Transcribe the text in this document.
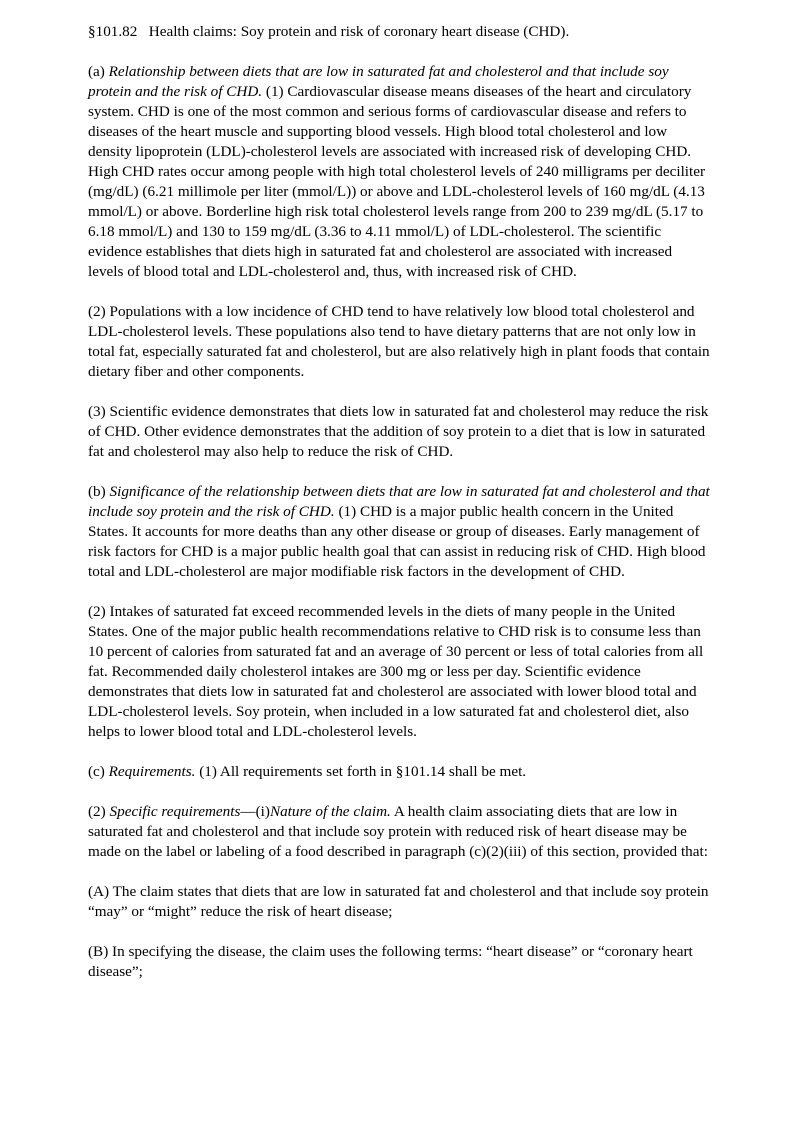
§101.82 Health claims: Soy protein and risk of coronary heart disease (CHD).

(a) Relationship between diets that are low in saturated fat and cholesterol and that include soy protein and the risk of CHD. (1) Cardiovascular disease means diseases of the heart and circulatory system. CHD is one of the most common and serious forms of cardiovascular disease and refers to diseases of the heart muscle and supporting blood vessels. High blood total cholesterol and low density lipoprotein (LDL)-cholesterol levels are associated with increased risk of developing CHD. High CHD rates occur among people with high total cholesterol levels of 240 milligrams per deciliter (mg/dL) (6.21 millimole per liter (mmol/L)) or above and LDL-cholesterol levels of 160 mg/dL (4.13 mmol/L) or above. Borderline high risk total cholesterol levels range from 200 to 239 mg/dL (5.17 to 6.18 mmol/L) and 130 to 159 mg/dL (3.36 to 4.11 mmol/L) of LDL-cholesterol. The scientific evidence establishes that diets high in saturated fat and cholesterol are associated with increased levels of blood total and LDL-cholesterol and, thus, with increased risk of CHD.

(2) Populations with a low incidence of CHD tend to have relatively low blood total cholesterol and LDL-cholesterol levels. These populations also tend to have dietary patterns that are not only low in total fat, especially saturated fat and cholesterol, but are also relatively high in plant foods that contain dietary fiber and other components.

(3) Scientific evidence demonstrates that diets low in saturated fat and cholesterol may reduce the risk of CHD. Other evidence demonstrates that the addition of soy protein to a diet that is low in saturated fat and cholesterol may also help to reduce the risk of CHD.

(b) Significance of the relationship between diets that are low in saturated fat and cholesterol and that include soy protein and the risk of CHD. (1) CHD is a major public health concern in the United States. It accounts for more deaths than any other disease or group of diseases. Early management of risk factors for CHD is a major public health goal that can assist in reducing risk of CHD. High blood total and LDL-cholesterol are major modifiable risk factors in the development of CHD.

(2) Intakes of saturated fat exceed recommended levels in the diets of many people in the United States. One of the major public health recommendations relative to CHD risk is to consume less than 10 percent of calories from saturated fat and an average of 30 percent or less of total calories from all fat. Recommended daily cholesterol intakes are 300 mg or less per day. Scientific evidence demonstrates that diets low in saturated fat and cholesterol are associated with lower blood total and LDL-cholesterol levels. Soy protein, when included in a low saturated fat and cholesterol diet, also helps to lower blood total and LDL-cholesterol levels.

(c) Requirements. (1) All requirements set forth in §101.14 shall be met.

(2) Specific requirements—(i)Nature of the claim. A health claim associating diets that are low in saturated fat and cholesterol and that include soy protein with reduced risk of heart disease may be made on the label or labeling of a food described in paragraph (c)(2)(iii) of this section, provided that:

(A) The claim states that diets that are low in saturated fat and cholesterol and that include soy protein “may” or “might” reduce the risk of heart disease;

(B) In specifying the disease, the claim uses the following terms: “heart disease” or “coronary heart disease”;
